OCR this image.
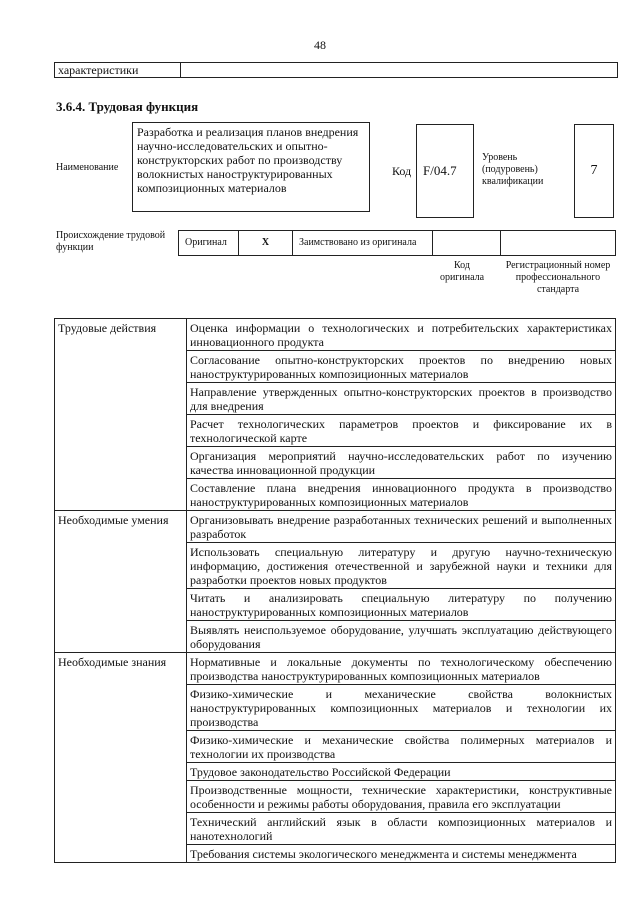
48
характеристики
3.6.4. Трудовая функция
Наименование
Разработка и реализация планов внедрения научно-исследовательских и опытно-конструкторских работ по производству волокнистых наноструктурированных композиционных материалов
Код F/04.7
Уровень (подуровень) квалификации
7
Происхождение трудовой функции	Оригинал	X	Заимствовано из оригинала
Код оригинала
Регистрационный номер профессионального стандарта
Трудовые действия	Оценка информации о технологических и потребительских характеристиках инновационного продукта
	Согласование опытно-конструкторских проектов по внедрению новых наноструктурированных композиционных материалов
	Направление утвержденных опытно-конструкторских проектов в производство для внедрения
	Расчет технологических параметров проектов и фиксирование их в технологической карте
	Организация мероприятий научно-исследовательских работ по изучению качества инновационной продукции
	Составление плана внедрения инновационного продукта в производство наноструктурированных композиционных материалов
Необходимые умения	Организовывать внедрение разработанных технических решений и выполненных разработок
	Использовать специальную литературу и другую научно-техническую информацию, достижения отечественной и зарубежной науки и техники для разработки проектов новых продуктов
	Читать и анализировать специальную литературу по получению наноструктурированных композиционных материалов
	Выявлять неиспользуемое оборудование, улучшать эксплуатацию действующего оборудования
Необходимые знания	Нормативные и локальные документы по технологическому обеспечению производства наноструктурированных композиционных материалов
	Физико-химические и механические свойства волокнистых наноструктурированных композиционных материалов и технологии их производства
	Физико-химические и механические свойства полимерных материалов и технологии их производства
	Трудовое законодательство Российской Федерации
	Производственные мощности, технические характеристики, конструктивные особенности и режимы работы оборудования, правила его эксплуатации
	Технический английский язык в области композиционных материалов и нанотехнологий
	Требования системы экологического менеджмента и системы менеджмента
